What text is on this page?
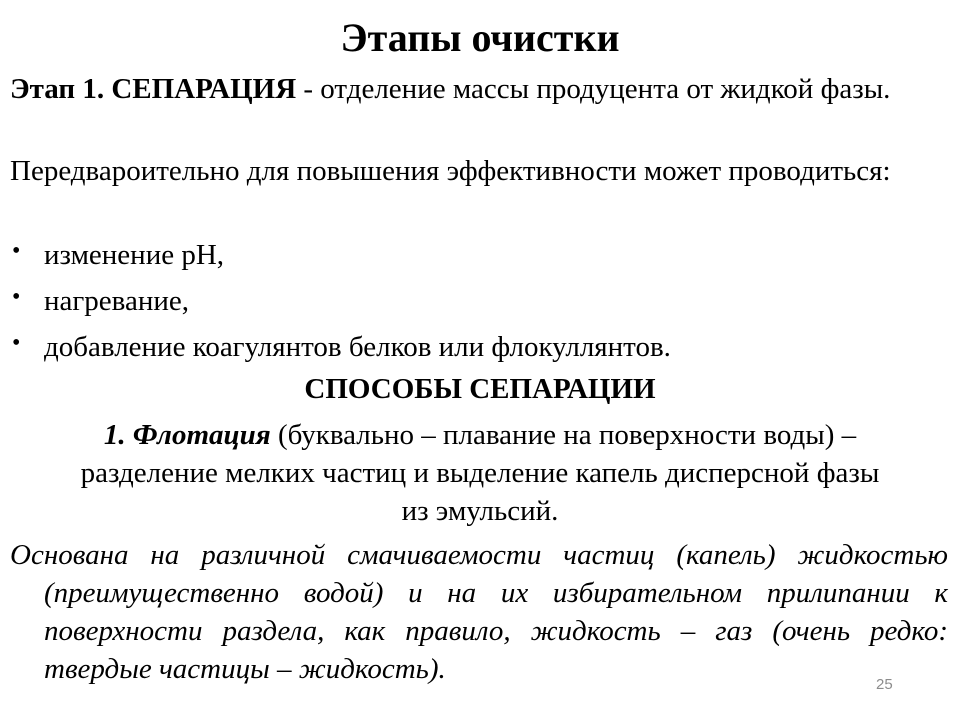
Этапы очистки
Этап 1. СЕПАРАЦИЯ - отделение массы продуцента от жидкой фазы.
Передвароительно для повышения эффективности может проводиться:
• изменение рН,
• нагревание,
• добавление коагулянтов белков или флокуллянтов.
СПОСОБЫ СЕПАРАЦИИ
1. Флотация (буквально – плавание на поверхности воды) –
разделение мелких частиц и выделение капель дисперсной фазы
из эмульсий.
Основана на различной смачиваемости частиц (капель) жидкостью
(преимущественно водой) и на их избирательном прилипании к
поверхности раздела, как правило, жидкость – газ (очень редко:
твердые частицы – жидкость).	25
